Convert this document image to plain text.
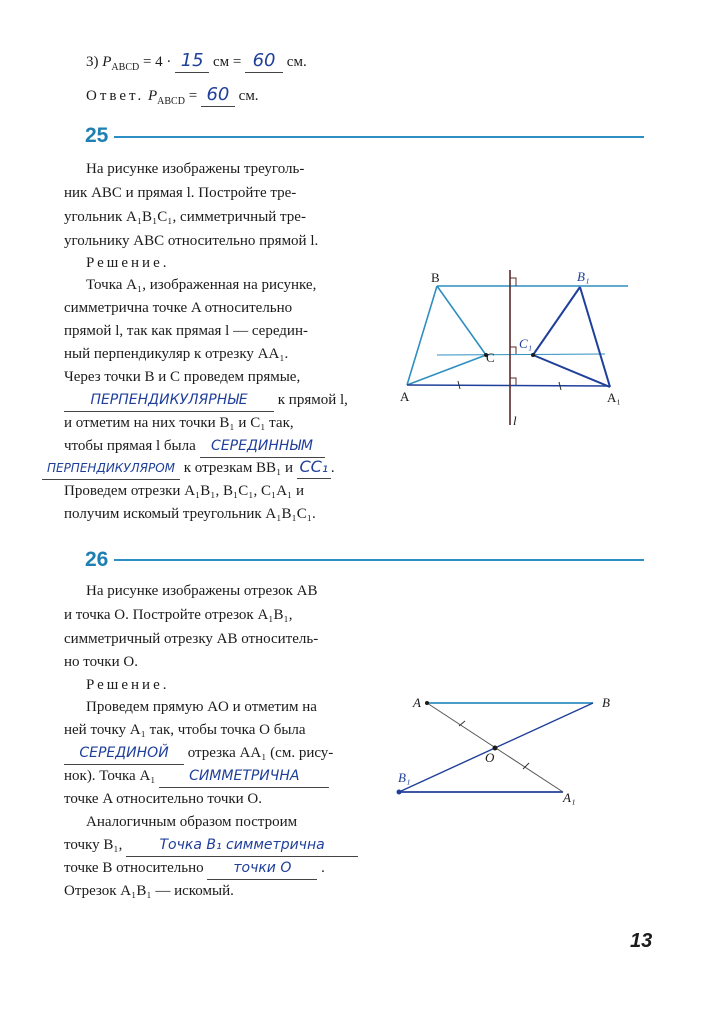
3) $P_{ABCD} = 4 \cdot 15$ см = 60 см.
Ответ. $P_{ABCD} = 60$ см.
25
На рисунке изображены треуголь-
ник ABC и прямая l. Постройте тре-
угольник A₁B₁C₁, симметричный тре-
угольнику ABC относительно прямой l.
Решение.
Точка A₁, изображенная на рисунке,
симметрична точке A относительно
прямой l, так как прямая l — середин-
ный перпендикуляр к отрезку AA₁.
Через точки B и C проведем прямые,
ПЕРПЕНДИКУЛЯРНЫЕ к прямой l,
и отметим на них точки B₁ и C₁ так,
чтобы прямая l была СЕРЕДИННЫМ
ПЕРПЕНДИКУЛЯРОМ к отрезкам BB₁ и CC₁ .
Проведем отрезки A₁B₁, B₁C₁, C₁A₁ и
получим искомый треугольник A₁B₁C₁.
B	B₁
C
C₁
A	A₁
l
26
На рисунке изображены отрезок AB
и точка O. Постройте отрезок A₁B₁,
симметричный отрезку AB относитель-
но точки O.
Решение.
Проведем прямую AO и отметим на
ней точку A₁ так, чтобы точка O была
СЕРЕДИНОЙ отрезка AA₁ (см. рису-
нок). Точка A₁ СИММЕТРИЧНА
точке A относительно точки O.
Аналогичным образом построим
точку B₁,	Точка B₁ симметрична
точке B относительно точки O .
Отрезок A₁B₁ — искомый.
A	B
O
B₁
A₁
13
